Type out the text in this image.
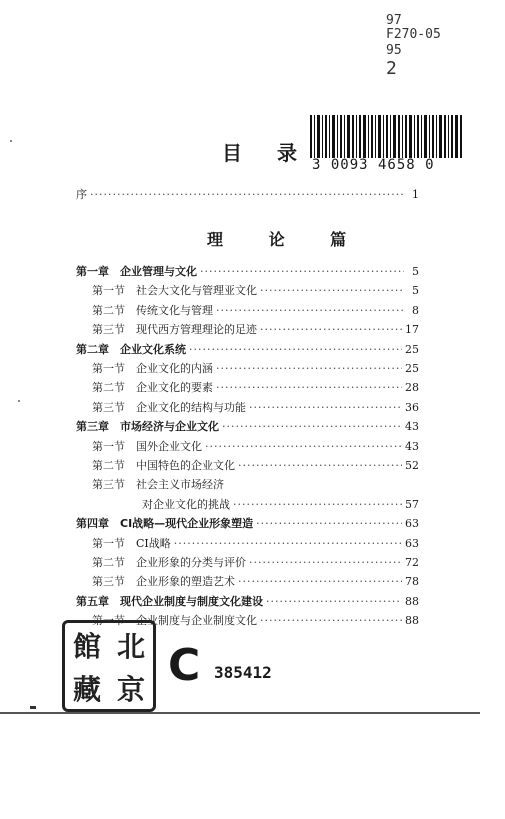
97
F270-05
95
2
3 0093 4658 0
目 录
序 ·····	1
理 论 篇
第一章　企业管理与文化 ·····	5
第一节　社会大文化与管理亚文化 ·····	5
第二节　传统文化与管理 ·····	8
第三节　现代西方管理理论的足迹 ·····	17
第二章　企业文化系统 ·····	25
第一节　企业文化的内涵 ·····	25
第二节　企业文化的要素 ·····	28
第三节　企业文化的结构与功能 ·····	36
第三章　市场经济与企业文化 ·····	43
第一节　国外企业文化 ·····	43
第二节　中国特色的企业文化 ·····	52
第三节　社会主义市场经济
对企业文化的挑战 ·····	57
第四章　CI战略—现代企业形象塑造 ·····	63
第一节　CI战略 ·····	63
第二节　企业形象的分类与评价 ·····	72
第三节　企业形象的塑造艺术 ·····	78
第五章　现代企业制度与制度文化建设 ·····	88
第一节　企业制度与企业制度文化 ·····	88
館 北
藏 京 C 385412
